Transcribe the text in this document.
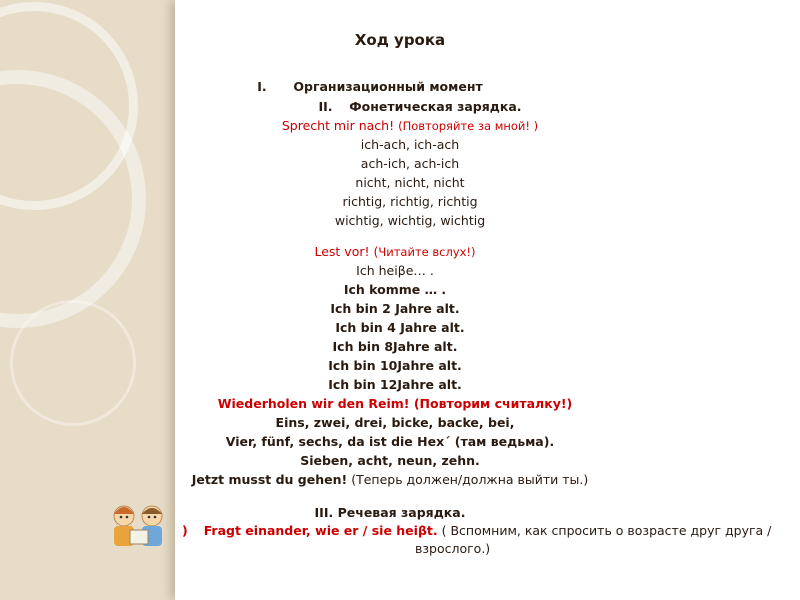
Ход урока
I. Организационный момент
II. Фонетическая зарядка.
Sprecht mir nach! (Повторяйте за мной! )
ich-ach, ich-ach
ach-ich, ach-ich
nicht, nicht, nicht
richtig, richtig, richtig
wichtig, wichtig, wichtig
Lest vor! (Читайте вслух!)
Ich heiβe… .
Ich komme … .
Ich bin 2 Jahre alt.
Ich bin 4 Jahre alt.
Ich bin 8Jahre alt.
Ich bin 10Jahre alt.
Ich bin 12Jahre alt.
Wiederholen wir den Reim! (Повторим считалку!)
Eins, zwei, drei, bicke, backe, bei,
Vier, fünf, sechs, da ist die Hex´ (там ведьма).
Sieben, acht, neun, zehn.
Jetzt musst du gehen! (Теперь должен/должна выйти ты.)
III. Речевая зарядка.
) Fragt einander, wie er / sie heiβt. ( Вспомним, как спросить о возрасте друг друга /
взрослого.)
